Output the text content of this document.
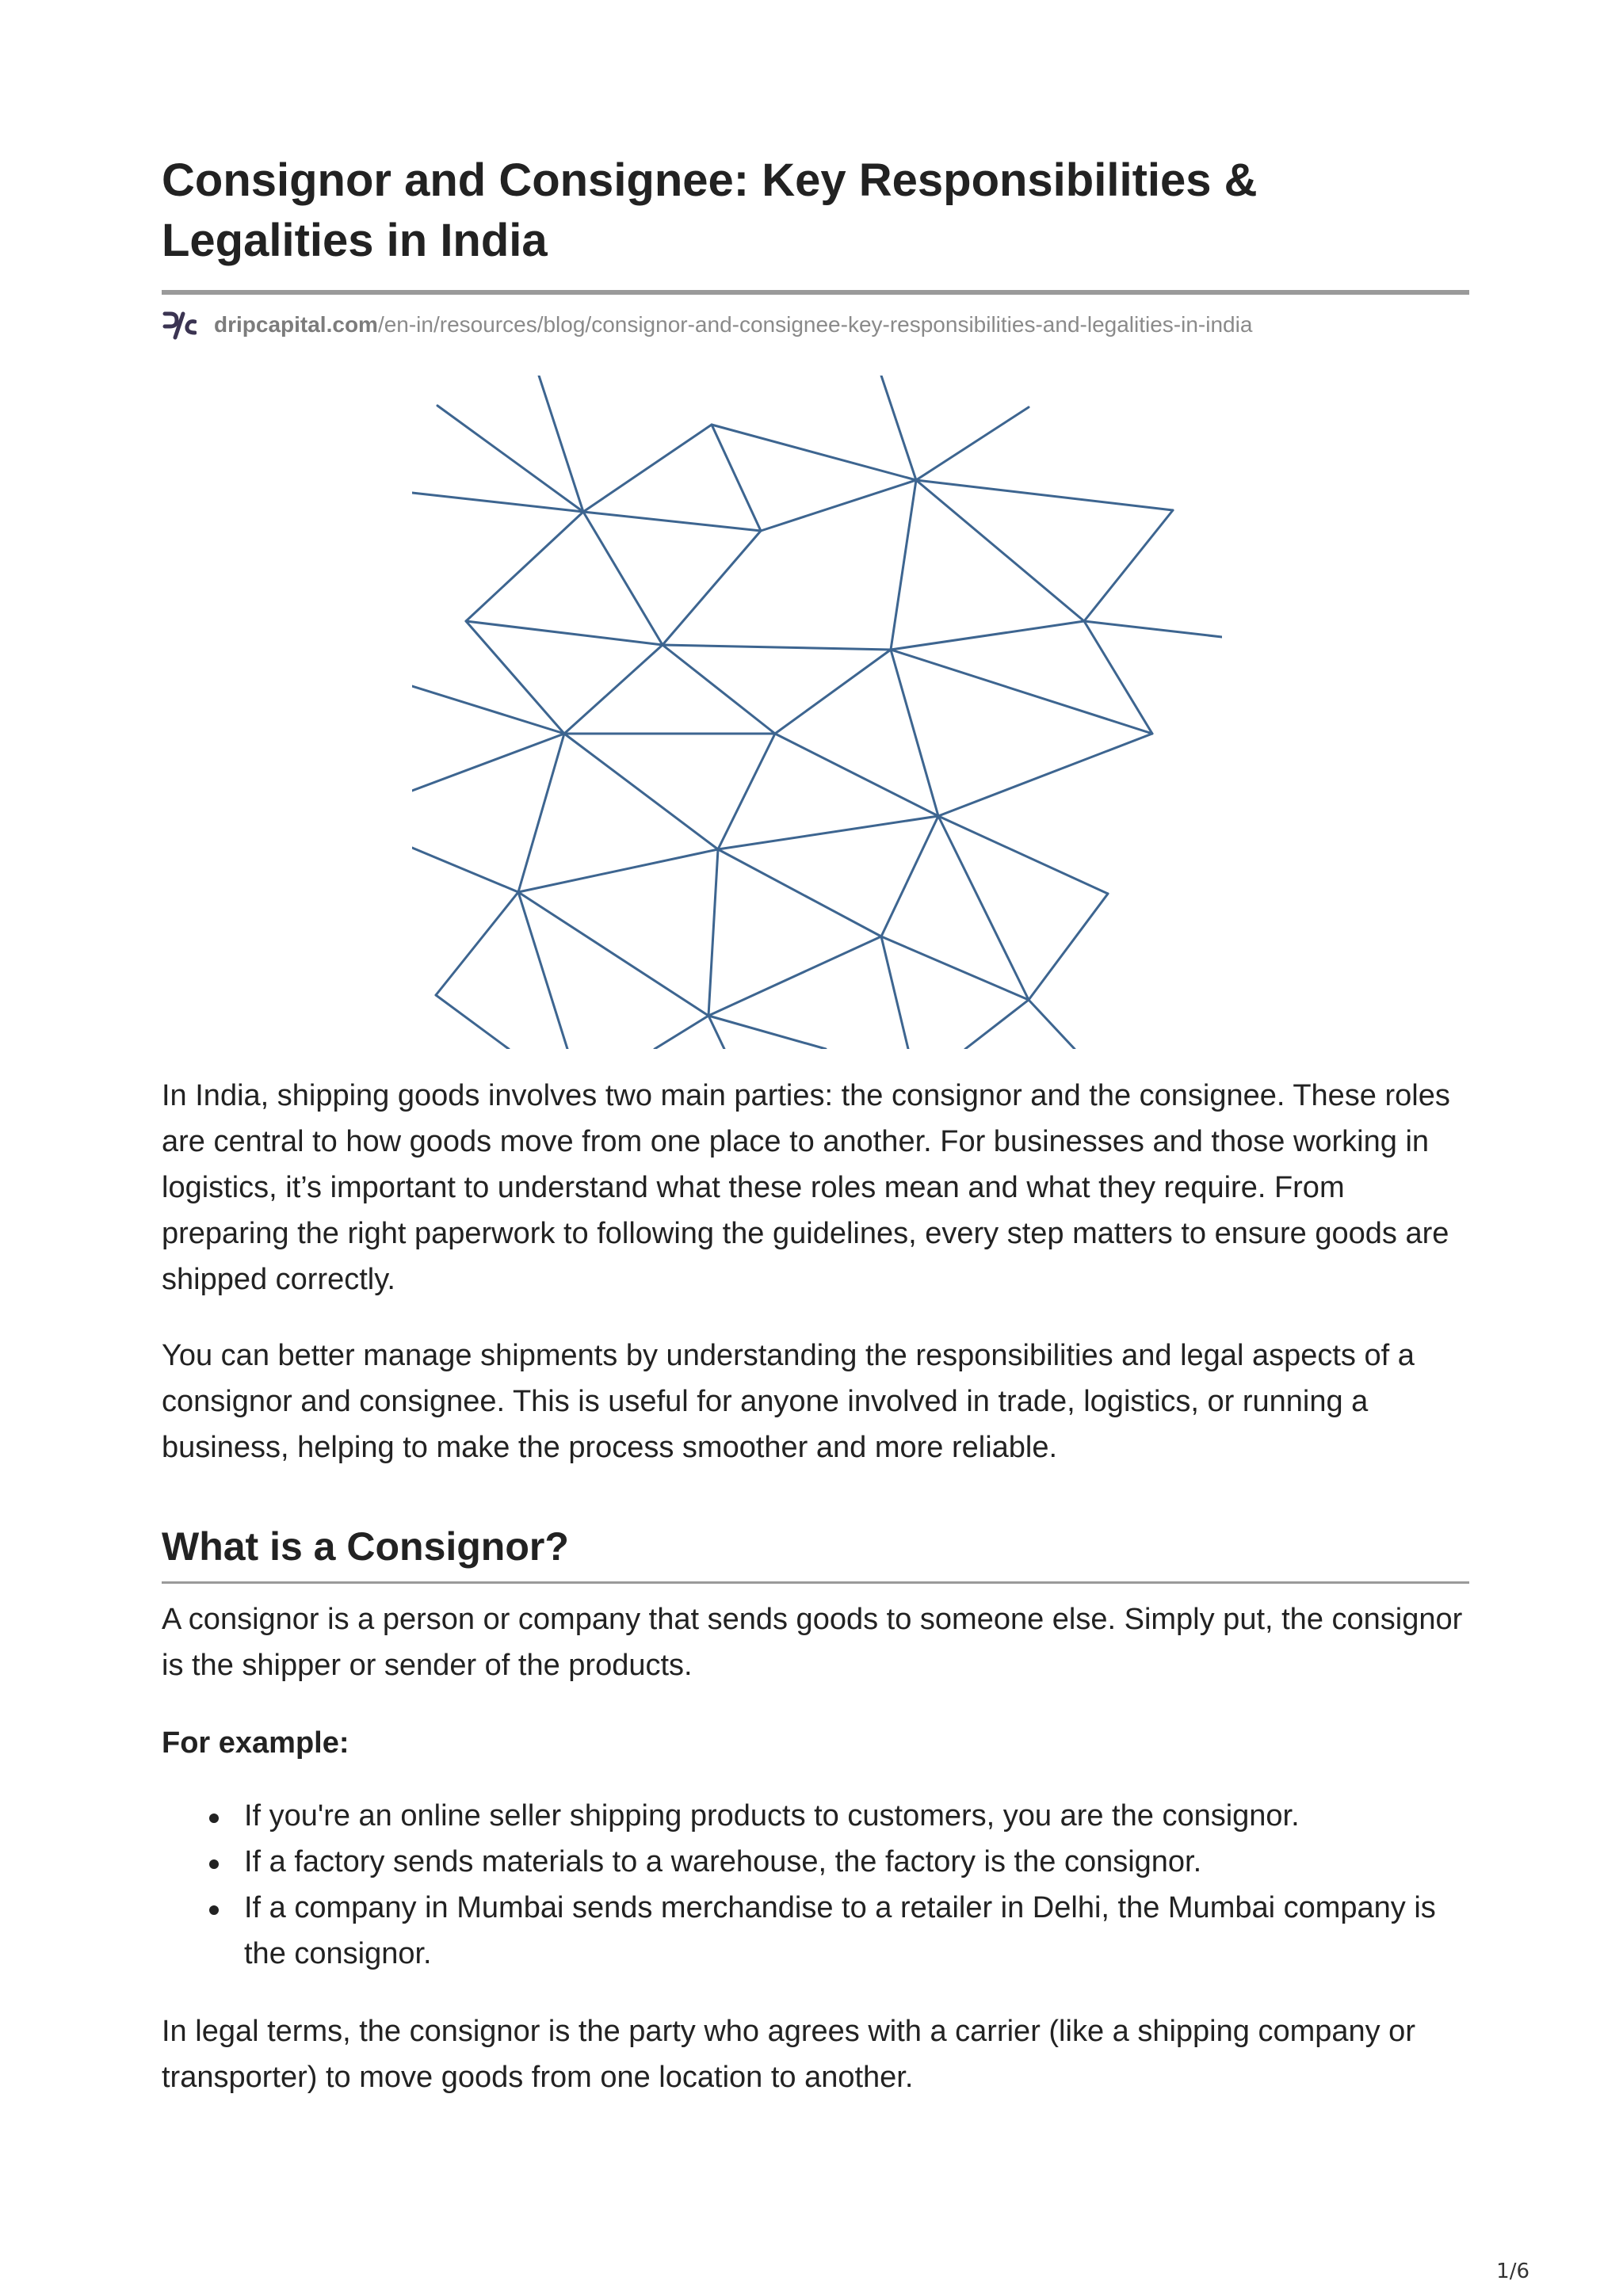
Consignor and Consignee: Key Responsibilities & Legalities in India
dripcapital.com /en-in/resources/blog/consignor-and-consignee-key-responsibilities-and-legalities-in-india

In India, shipping goods involves two main parties: the consignor and the consignee. These roles are central to how goods move from one place to another. For businesses and those working in logistics, it’s important to understand what these roles mean and what they require. From preparing the right paperwork to following the guidelines, every step matters to ensure goods are shipped correctly.

You can better manage shipments by understanding the responsibilities and legal aspects of a consignor and consignee. This is useful for anyone involved in trade, logistics, or running a business, helping to make the process smoother and more reliable.

What is a Consignor?

A consignor is a person or company that sends goods to someone else. Simply put, the consignor is the shipper or sender of the products.

For example:

If you're an online seller shipping products to customers, you are the consignor.
If a factory sends materials to a warehouse, the factory is the consignor.
If a company in Mumbai sends merchandise to a retailer in Delhi, the Mumbai company is the consignor.

In legal terms, the consignor is the party who agrees with a carrier (like a shipping company or transporter) to move goods from one location to another.

1/6
